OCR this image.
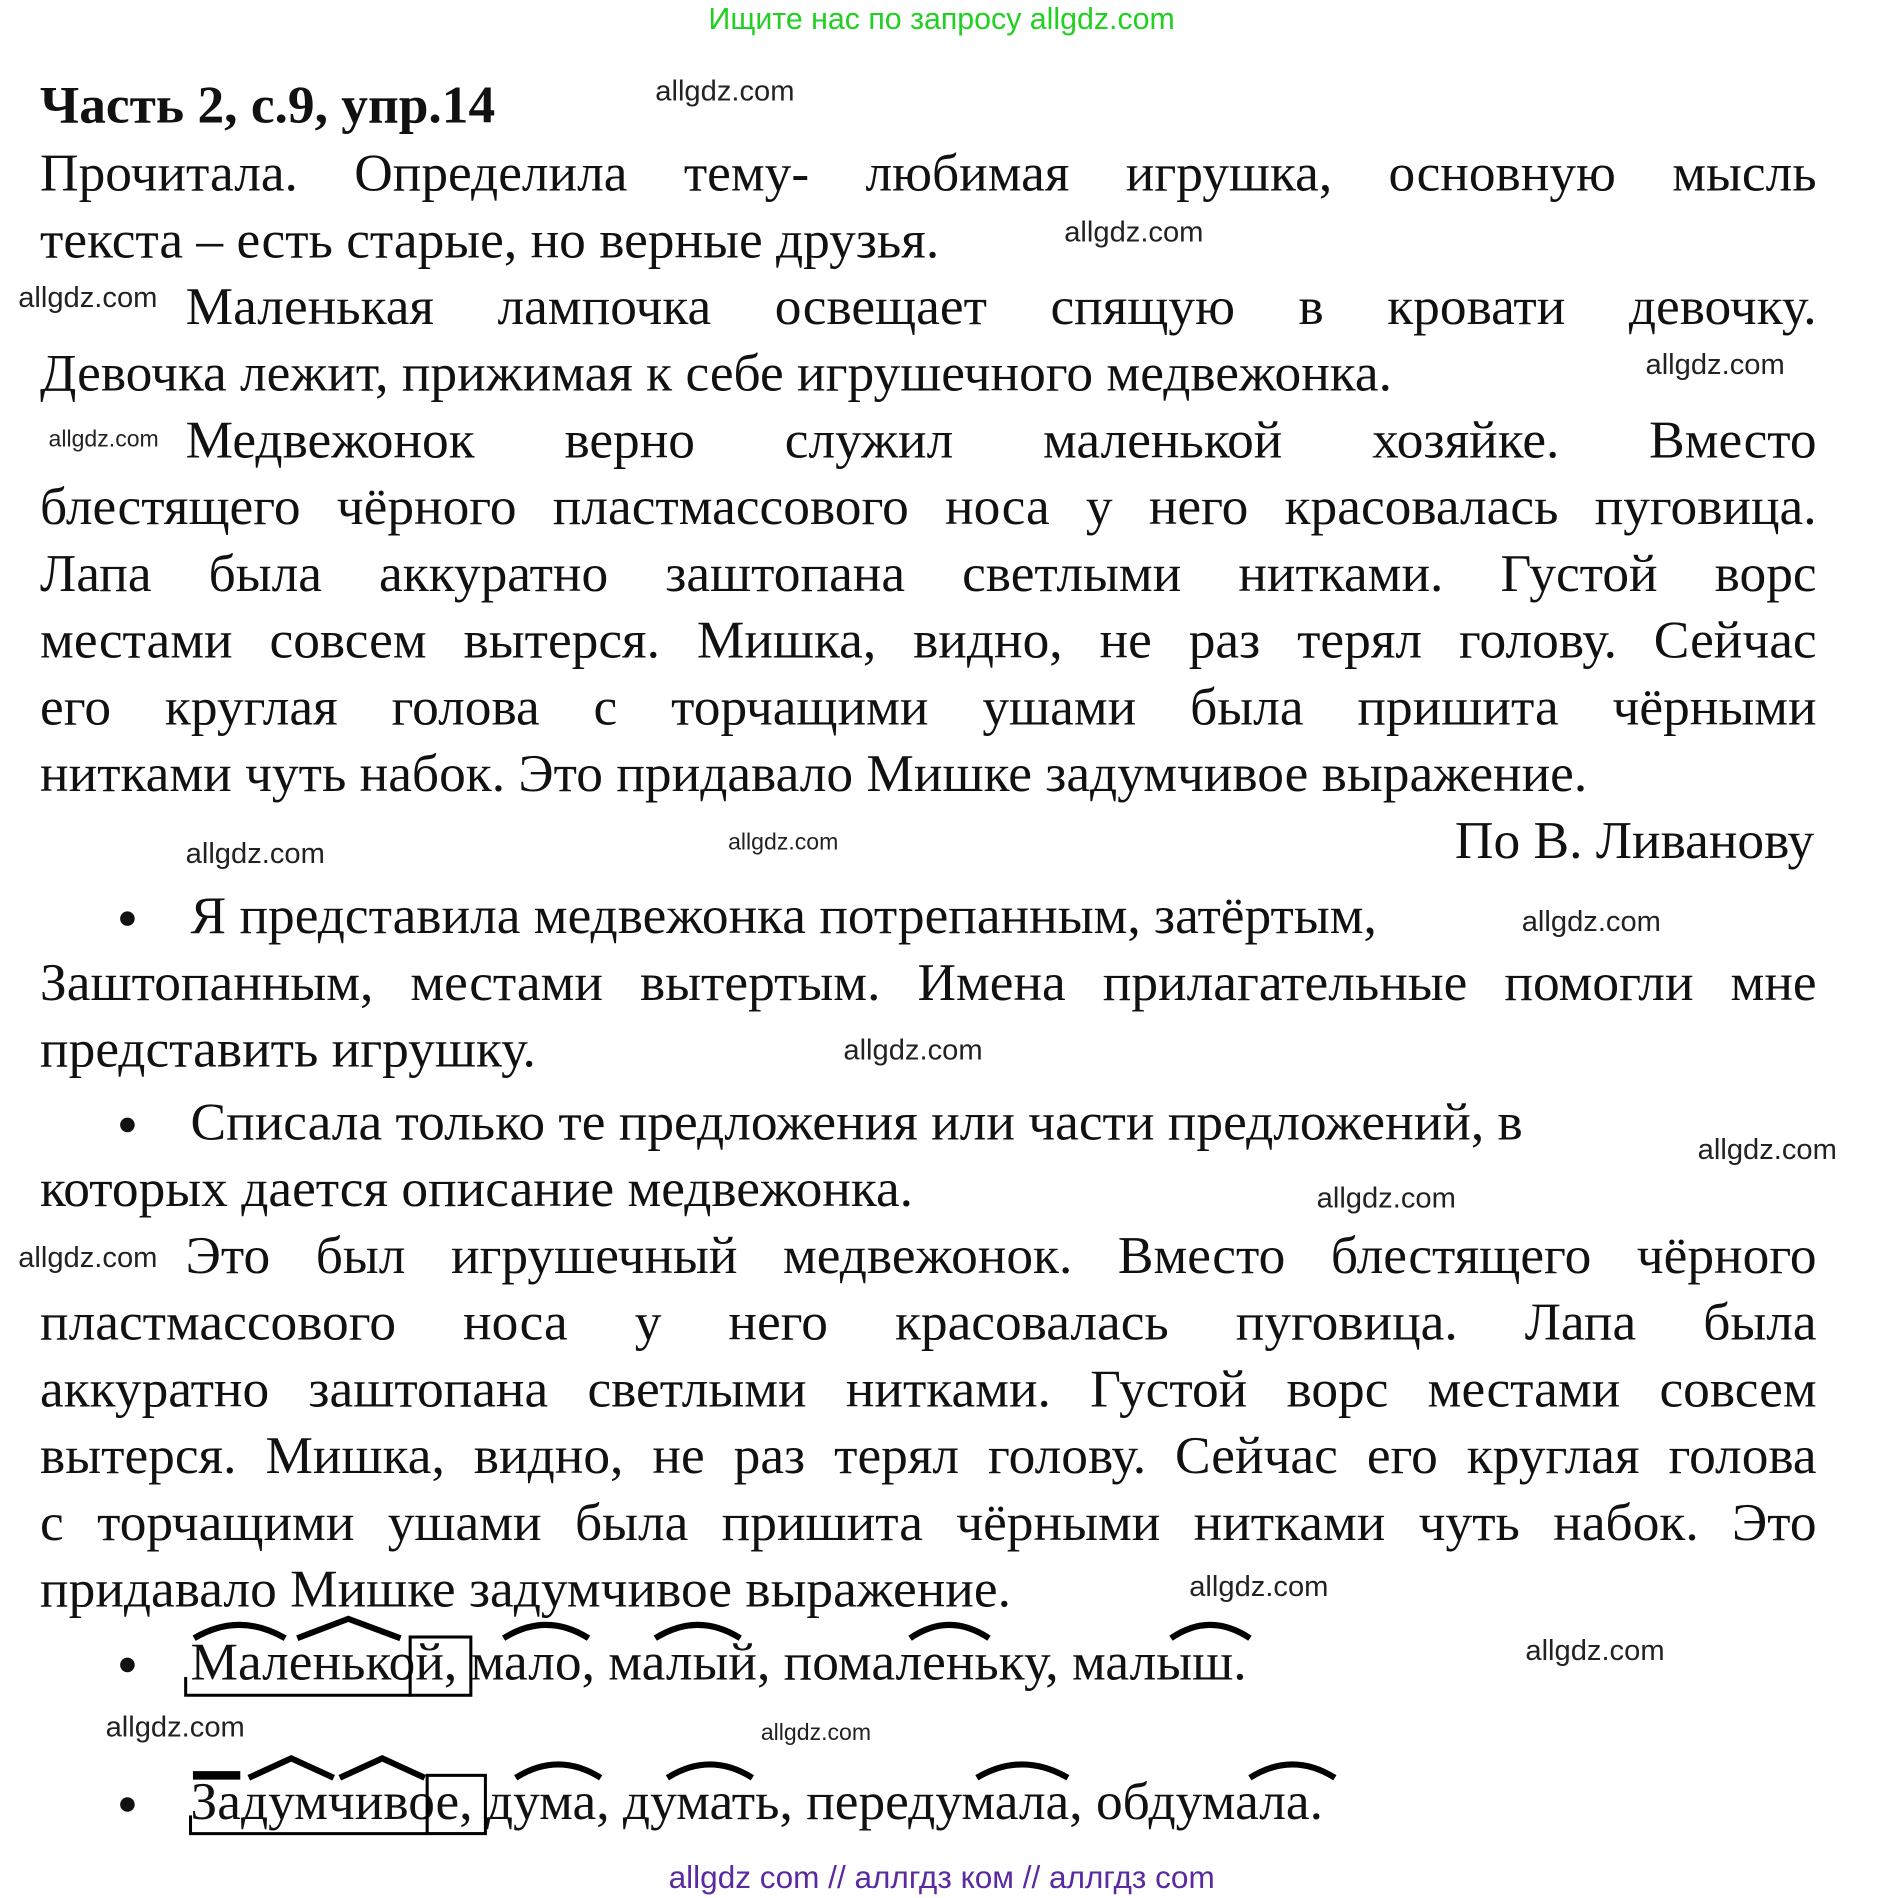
Ищите нас по запросу allgdz.com
Часть 2, с.9, упр.14
Прочитала. Определила тему- любимая игрушка, основную мысль
текста – есть старые, но верные друзья.
Маленькая лампочка освещает спящую в кровати девочку.
Девочка лежит, прижимая к себе игрушечного медвежонка.
Медвежонок верно служил маленькой хозяйке. Вместо
блестящего чёрного пластмассового носа у него красовалась пуговица.
Лапа была аккуратно заштопана светлыми нитками. Густой ворс
местами совсем вытерся. Мишка, видно, не раз терял голову. Сейчас
его круглая голова с торчащими ушами была пришита чёрными
нитками чуть набок. Это придавало Мишке задумчивое выражение.
По В. Ливанову
Я представила медвежонка потрепанным, затёртым,
Заштопанным, местами вытертым. Имена прилагательные помогли мне
представить игрушку.
Списала только те предложения или части предложений, в
которых дается описание медвежонка.
Это был игрушечный медвежонок. Вместо блестящего чёрного
пластмассового носа у него красовалась пуговица. Лапа была
аккуратно заштопана светлыми нитками. Густой ворс местами совсем
вытерся. Мишка, видно, не раз терял голову. Сейчас его круглая голова
с торчащими ушами была пришита чёрными нитками чуть набок. Это
придавало Мишке задумчивое выражение.
Маленькой, мало, малый, помаленьку, малыш.
Задумчивое, дума, думать, передумала, обдумала.
allgdz.com
allgdz.com
allgdz.com
allgdz.com
allgdz.com
allgdz.com
allgdz.com
allgdz.com
allgdz.com
allgdz.com
allgdz.com
allgdz.com
allgdz.com
allgdz.com
allgdz.com	allgdz.com
allgdz com // аллгдз ком // аллгдз com
